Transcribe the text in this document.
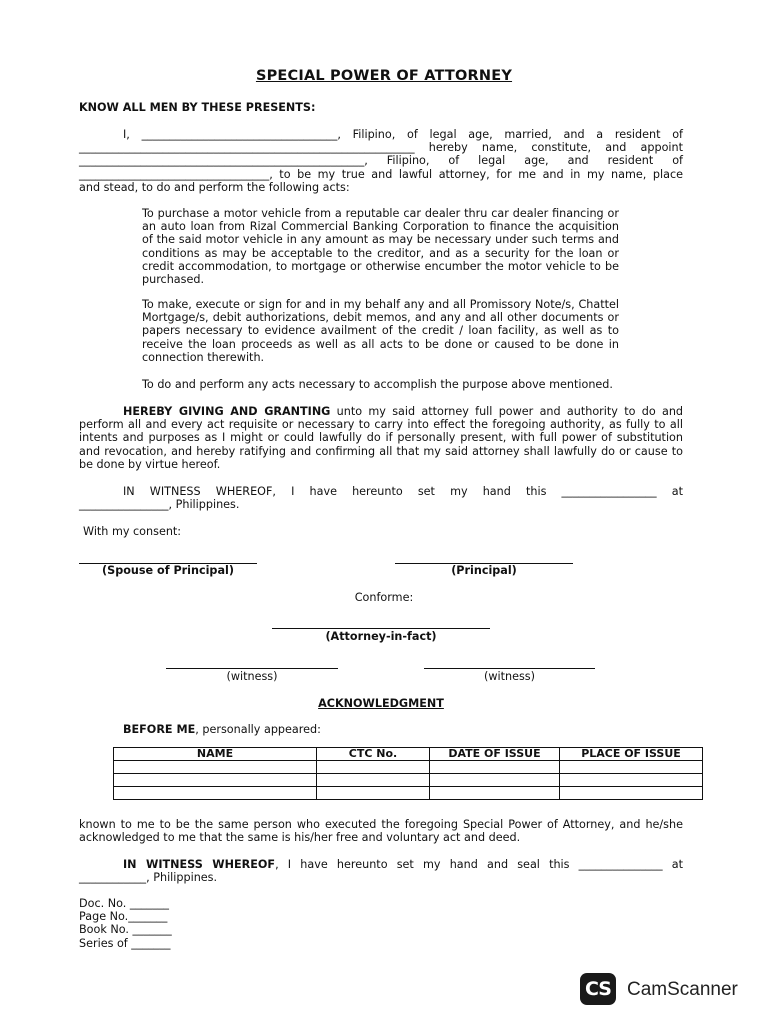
SPECIAL POWER OF ATTORNEY
KNOW ALL MEN BY THESE PRESENTS:
I, ___________________________________, Filipino, of legal age, married, and a resident of
____________________________________________________________ hereby name, constitute, and appoint
___________________________________________________, Filipino, of legal age, and resident of
__________________________________, to be my true and lawful attorney, for me and in my name, place
and stead, to do and perform the following acts:
To purchase a motor vehicle from a reputable car dealer thru car dealer financing or an auto loan from Rizal Commercial Banking Corporation to finance the acquisition of the said motor vehicle in any amount as may be necessary under such terms and conditions as may be acceptable to the creditor, and as a security for the loan or credit accommodation, to mortgage or otherwise encumber the motor vehicle to be purchased.
To make, execute or sign for and in my behalf any and all Promissory Note/s, Chattel Mortgage/s, debit authorizations, debit memos, and any and all other documents or papers necessary to evidence availment of the credit / loan facility, as well as to receive the loan proceeds as well as all acts to be done or caused to be done in connection therewith.
To do and perform any acts necessary to accomplish the purpose above mentioned.
HEREBY GIVING AND GRANTING unto my said attorney full power and authority to do and perform all and every act requisite or necessary to carry into effect the foregoing authority, as fully to all intents and purposes as I might or could lawfully do if personally present, with full power of substitution and revocation, and hereby ratifying and confirming all that my said attorney shall lawfully do or cause to be done by virtue hereof.
IN WITNESS WHEREOF, I have hereunto set my hand this _________________ at
________________, Philippines.
With my consent:
(Spouse of Principal)	(Principal)
Conforme:
(Attorney-in-fact)
(witness)	(witness)
ACKNOWLEDGMENT
BEFORE ME, personally appeared:
NAME	CTC No.	DATE OF ISSUE	PLACE OF ISSUE

known to me to be the same person who executed the foregoing Special Power of Attorney, and he/she acknowledged to me that the same is his/her free and voluntary act and deed.
IN WITNESS WHEREOF, I have hereunto set my hand and seal this _______________ at
____________, Philippines.
Doc. No. _______
Page No._______
Book No. _______
Series of _______
CS CamScanner
